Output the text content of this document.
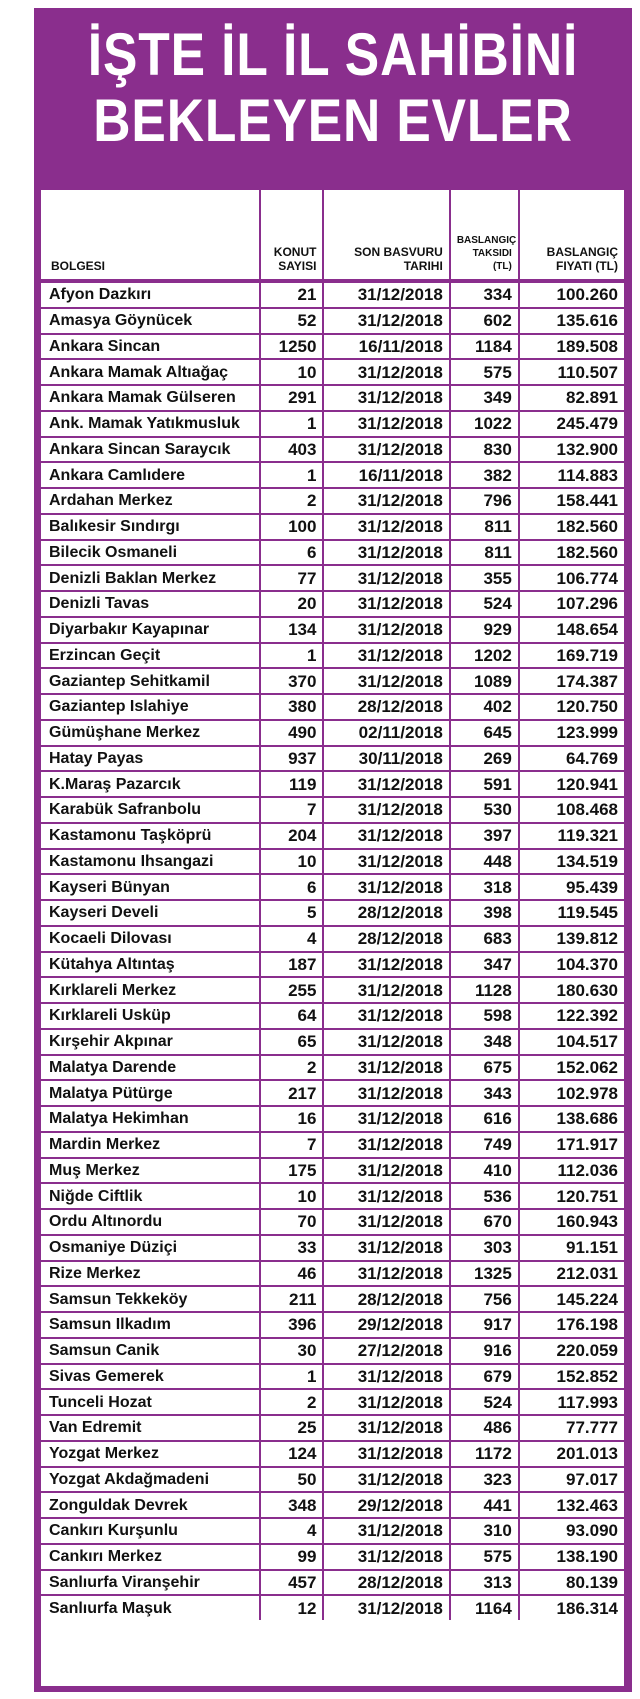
İŞTE İL İL SAHİBİNİ
BEKLEYEN EVLER
BOLGESI	KONUT SAYISI	SON BASVURU TARIHI	BASLANGIÇ TAKSIDI (TL)	BASLANGIÇ FIYATI (TL)
Afyon Dazkırı	21	31/12/2018	334	100.260
Amasya Göynücek	52	31/12/2018	602	135.616
Ankara Sincan	1250	16/11/2018	1184	189.508
Ankara Mamak Altıağaç	10	31/12/2018	575	110.507
Ankara Mamak Gülseren	291	31/12/2018	349	82.891
Ank. Mamak Yatıkmusluk	1	31/12/2018	1022	245.479
Ankara Sincan Saraycık	403	31/12/2018	830	132.900
Ankara Camlıdere	1	16/11/2018	382	114.883
Ardahan Merkez	2	31/12/2018	796	158.441
Balıkesir Sındırgı	100	31/12/2018	811	182.560
Bilecik Osmaneli	6	31/12/2018	811	182.560
Denizli Baklan Merkez	77	31/12/2018	355	106.774
Denizli Tavas	20	31/12/2018	524	107.296
Diyarbakır Kayapınar	134	31/12/2018	929	148.654
Erzincan Geçit	1	31/12/2018	1202	169.719
Gaziantep Sehitkamil	370	31/12/2018	1089	174.387
Gaziantep Islahiye	380	28/12/2018	402	120.750
Gümüşhane Merkez	490	02/11/2018	645	123.999
Hatay Payas	937	30/11/2018	269	64.769
K.Maraş Pazarcık	119	31/12/2018	591	120.941
Karabük Safranbolu	7	31/12/2018	530	108.468
Kastamonu Taşköprü	204	31/12/2018	397	119.321
Kastamonu Ihsangazi	10	31/12/2018	448	134.519
Kayseri Bünyan	6	31/12/2018	318	95.439
Kayseri Develi	5	28/12/2018	398	119.545
Kocaeli Dilovası	4	28/12/2018	683	139.812
Kütahya Altıntaş	187	31/12/2018	347	104.370
Kırklareli Merkez	255	31/12/2018	1128	180.630
Kırklareli Usküp	64	31/12/2018	598	122.392
Kırşehir Akpınar	65	31/12/2018	348	104.517
Malatya Darende	2	31/12/2018	675	152.062
Malatya Pütürge	217	31/12/2018	343	102.978
Malatya Hekimhan	16	31/12/2018	616	138.686
Mardin Merkez	7	31/12/2018	749	171.917
Muş Merkez	175	31/12/2018	410	112.036
Niğde Ciftlik	10	31/12/2018	536	120.751
Ordu Altınordu	70	31/12/2018	670	160.943
Osmaniye Düziçi	33	31/12/2018	303	91.151
Rize Merkez	46	31/12/2018	1325	212.031
Samsun Tekkeköy	211	28/12/2018	756	145.224
Samsun Ilkadım	396	29/12/2018	917	176.198
Samsun Canik	30	27/12/2018	916	220.059
Sivas Gemerek	1	31/12/2018	679	152.852
Tunceli Hozat	2	31/12/2018	524	117.993
Van Edremit	25	31/12/2018	486	77.777
Yozgat Merkez	124	31/12/2018	1172	201.013
Yozgat Akdağmadeni	50	31/12/2018	323	97.017
Zonguldak Devrek	348	29/12/2018	441	132.463
Cankırı Kurşunlu	4	31/12/2018	310	93.090
Cankırı Merkez	99	31/12/2018	575	138.190
Sanlıurfa Viranşehir	457	28/12/2018	313	80.139
Sanlıurfa Maşuk	12	31/12/2018	1164	186.314
